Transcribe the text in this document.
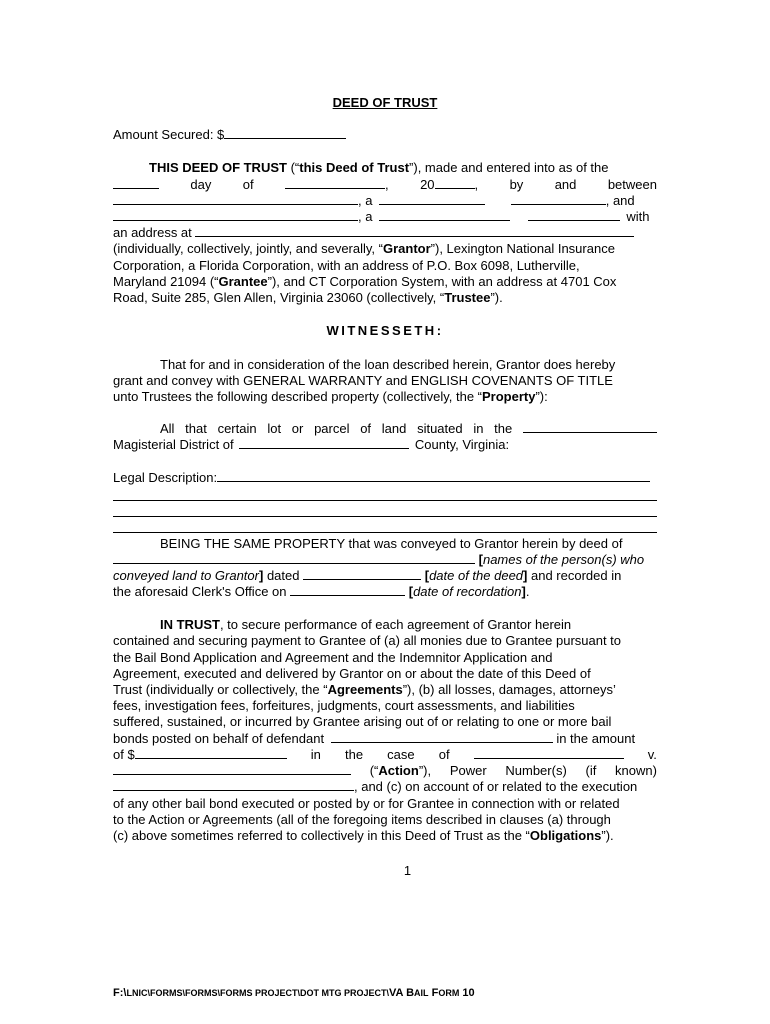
DEED OF TRUST
Amount Secured: $
THIS DEED OF TRUST (“this Deed of Trust”), made and entered into as of the
day of	, 20	, by and between
, a	, and
, a	with
an address at
(individually, collectively, jointly, and severally, “Grantor”), Lexington National Insurance
Corporation, a Florida Corporation, with an address of P.O. Box 6098, Lutherville,
Maryland 21094 (“Grantee”), and CT Corporation System, with an address at 4701 Cox
Road, Suite 285, Glen Allen, Virginia 23060 (collectively, “Trustee”).
WITNESSETH:
That for and in consideration of the loan described herein, Grantor does hereby
grant and convey with GENERAL WARRANTY and ENGLISH COVENANTS OF TITLE
unto Trustees the following described property (collectively, the “Property”):
All that certain lot or parcel of land situated in the
Magisterial District of	County, Virginia:
Legal Description:
BEING THE SAME PROPERTY that was conveyed to Grantor herein by deed of
[names of the person(s) who
conveyed land to Grantor] dated	[date of the deed] and recorded in
the aforesaid Clerk's Office on	[date of recordation].
IN TRUST, to secure performance of each agreement of Grantor herein
contained and securing payment to Grantee of (a) all monies due to Grantee pursuant to
the Bail Bond Application and Agreement and the Indemnitor Application and
Agreement, executed and delivered by Grantor on or about the date of this Deed of
Trust (individually or collectively, the “Agreements”), (b) all losses, damages, attorneys’
fees, investigation fees, forfeitures, judgments, court assessments, and liabilities
suffered, sustained, or incurred by Grantee arising out of or relating to one or more bail
bonds posted on behalf of defendant	in the amount
of $	in the case of	v.
(“Action”), Power Number(s) (if known)
, and (c) on account of or related to the execution
of any other bail bond executed or posted by or for Grantee in connection with or related
to the Action or Agreements (all of the foregoing items described in clauses (a) through
(c) above sometimes referred to collectively in this Deed of Trust as the “Obligations”).
1
F:\LNIC\FORMS\FORMS\FORMS PROJECT\DOT MTG PROJECT\VA BAIL FORM 10
